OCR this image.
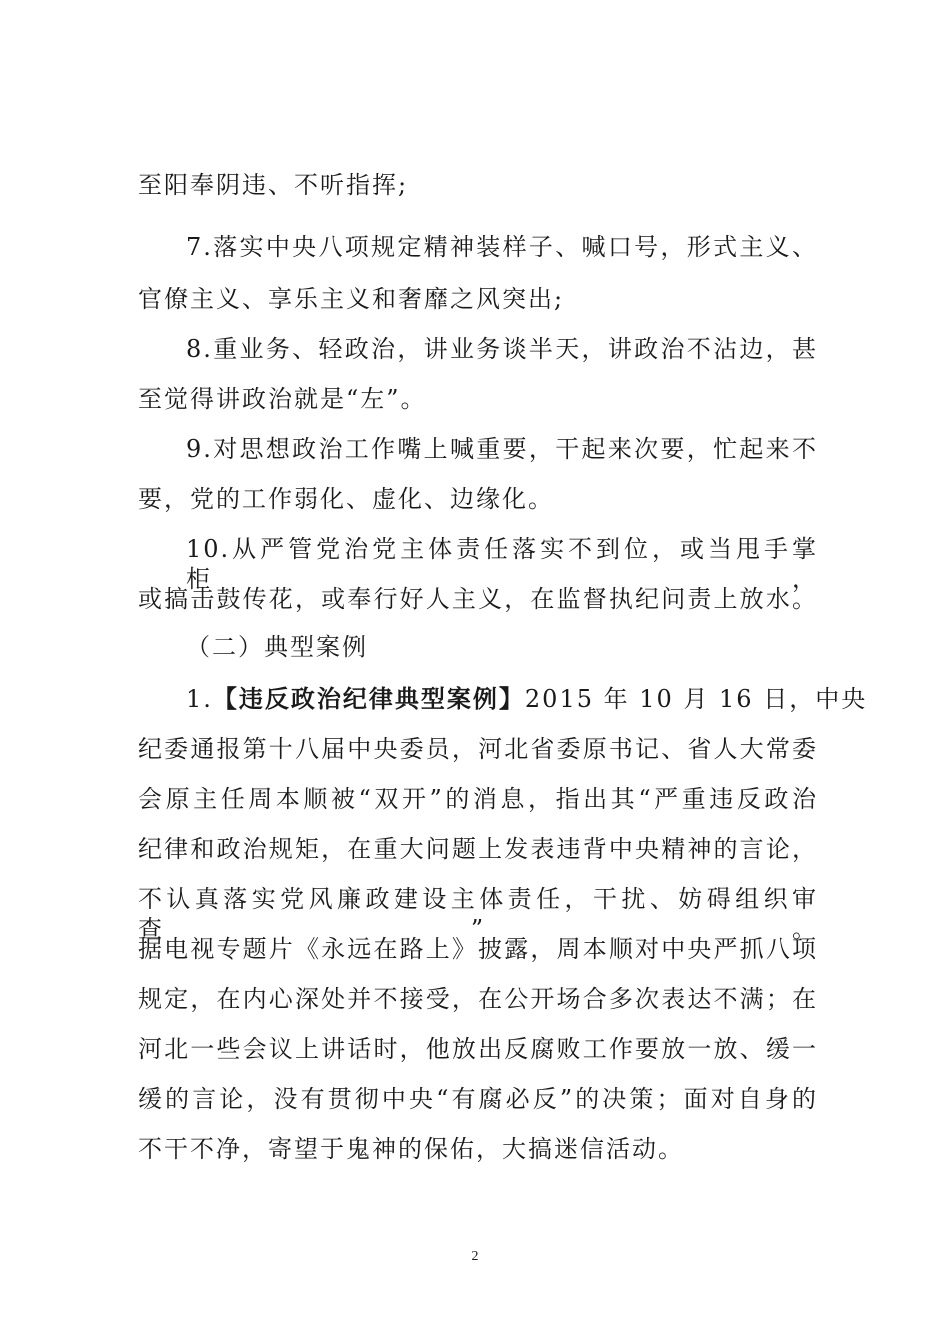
至阳奉阴违、不听指挥;
7.落实中央八项规定精神装样子、喊口号，形式主义、
官僚主义、享乐主义和奢靡之风突出;
8.重业务、轻政治，讲业务谈半天，讲政治不沾边，甚
至觉得讲政治就是“左”。
9.对思想政治工作嘴上喊重要，干起来次要，忙起来不
要，党的工作弱化、虚化、边缘化。
10.从严管党治党主体责任落实不到位，或当甩手掌柜，
或搞击鼓传花，或奉行好人主义，在监督执纪问责上放水。
（二）典型案例
1.【违反政治纪律典型案例】2015 年 10 月 16 日，中央
纪委通报第十八届中央委员，河北省委原书记、省人大常委
会原主任周本顺被“双开”的消息，指出其“严重违反政治
纪律和政治规矩，在重大问题上发表违背中央精神的言论，
不认真落实党风廉政建设主体责任，干扰、妨碍组织审查”。
据电视专题片《永远在路上》披露，周本顺对中央严抓八项
规定，在内心深处并不接受，在公开场合多次表达不满；在
河北一些会议上讲话时，他放出反腐败工作要放一放、缓一
缓的言论，没有贯彻中央“有腐必反”的决策；面对自身的
不干不净，寄望于鬼神的保佑，大搞迷信活动。
2
